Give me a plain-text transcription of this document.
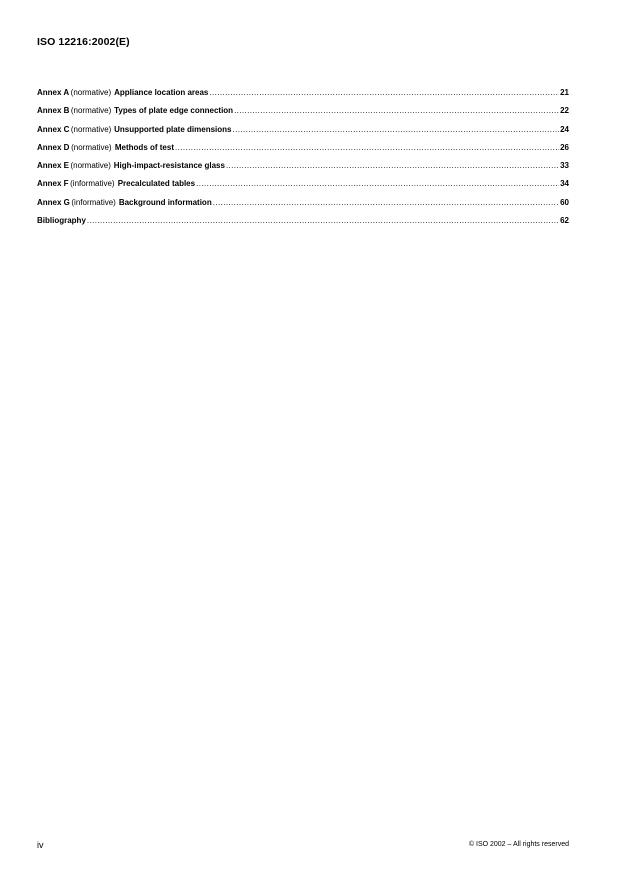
ISO 12216:2002(E)
Annex A (normative) Appliance location areas .....	21
Annex B (normative) Types of plate edge connection .....	22
Annex C (normative) Unsupported plate dimensions .....	24
Annex D (normative) Methods of test .....	26
Annex E (normative) High-impact-resistance glass .....	33
Annex F (informative) Precalculated tables .....	34
Annex G (informative) Background information .....	60
Bibliography .....	62
iv	© ISO 2002 – All rights reserved
